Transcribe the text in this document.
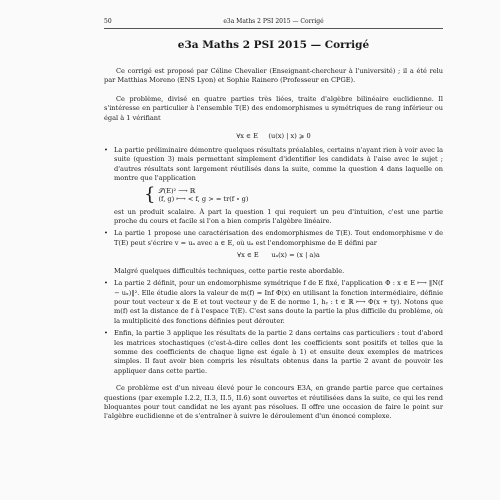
50	e3a Maths 2 PSI 2015 — Corrigé
e3a Maths 2 PSI 2015 — Corrigé

Ce corrigé est proposé par Céline Chevalier (Enseignant-chercheur à l'université) ; il a été relu par Matthias Moreno (ENS Lyon) et Sophie Rainero (Professeur en CPGE).

Ce problème, divisé en quatre parties très liées, traite d'algèbre bilinéaire euclidienne. Il s'intéresse en particulier à l'ensemble T(E) des endomorphismes u symétriques de rang inférieur ou égal à 1 vérifiant

∀x ∈ E     (u(x) | x) ⩾ 0
• La partie préliminaire démontre quelques résultats préalables, certains n'ayant rien à voir avec la suite (question 3) mais permettant simplement d'identifier les candidats à l'aise avec le sujet ; d'autres résultats sont largement réutilisés dans la suite, comme la question 4 dans laquelle on montre que l'application
{ 𝒮(E)² ⟶ ℝ
(f, g) ⟼ < f, g > = tr(f ∘ g)
est un produit scalaire. À part la question 1 qui requiert un peu d'intuition, c'est une partie proche du cours et facile si l'on a bien compris l'algèbre linéaire.
• La partie 1 propose une caractérisation des endomorphismes de T(E). Tout endomorphisme v de T(E) peut s'écrire v = uₐ avec a ∈ E, où uₐ est l'endomorphisme de E défini par
∀x ∈ E      uₐ(x) = (x | a)a
Malgré quelques difficultés techniques, cette partie reste abordable.
• La partie 2 définit, pour un endomorphisme symétrique f de E fixé, l'application Φ : x ∈ E ⟼ ‖N(f − uₓ)‖². Elle étudie alors la valeur de m(f) = Inf Φ(x) en utilisant la fonction intermédiaire, définie pour tout vecteur x de E et tout vecteur y de E de norme 1, hᵧ : t ∈ ℝ ⟼ Φ(x + ty). Notons que m(f) est la distance de f à l'espace T(E). C'est sans doute la partie la plus difficile du problème, où la multiplicité des fonctions définies peut dérouter.
• Enfin, la partie 3 applique les résultats de la partie 2 dans certains cas particuliers : tout d'abord les matrices stochastiques (c'est-à-dire celles dont les coefficients sont positifs et telles que la somme des coefficients de chaque ligne est égale à 1) et ensuite deux exemples de matrices simples. Il faut avoir bien compris les résultats obtenus dans la partie 2 avant de pouvoir les appliquer dans cette partie.

Ce problème est d'un niveau élevé pour le concours E3A, en grande partie parce que certaines questions (par exemple I.2.2, II.3, II.5, II.6) sont ouvertes et réutilisées dans la suite, ce qui les rend bloquantes pour tout candidat ne les ayant pas résolues. Il offre une occasion de faire le point sur l'algèbre euclidienne et de s'entraîner à suivre le déroulement d'un énoncé complexe.
